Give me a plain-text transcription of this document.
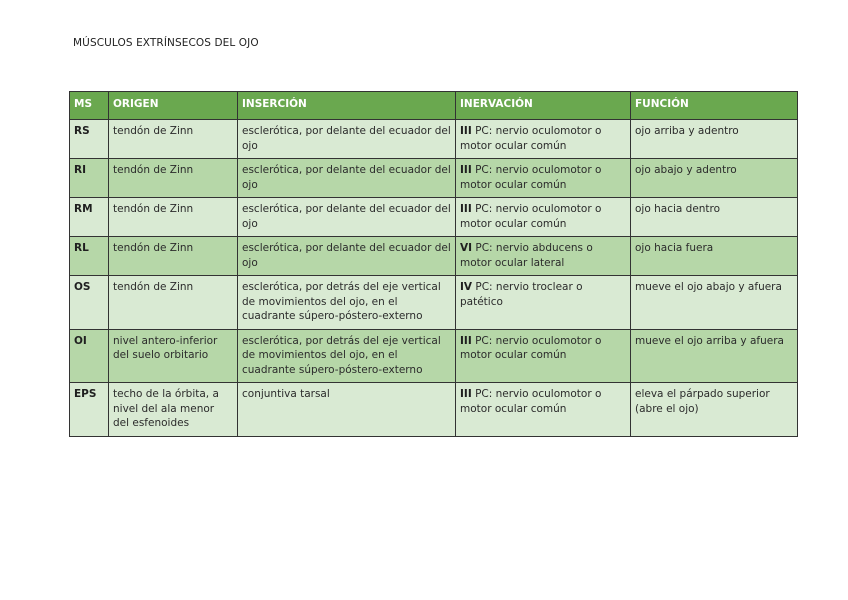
MÚSCULOS EXTRÍNSECOS DEL OJO
MS	ORIGEN	INSERCIÓN	INERVACIÓN	FUNCIÓN
RS	tendón de Zinn	esclerótica, por delante del ecuador del ojo	III PC: nervio oculomotor o motor ocular común	ojo arriba y adentro
RI	tendón de Zinn	esclerótica, por delante del ecuador del ojo	III PC: nervio oculomotor o motor ocular común	ojo abajo y adentro
RM	tendón de Zinn	esclerótica, por delante del ecuador del ojo	III PC: nervio oculomotor o motor ocular común	ojo hacia dentro
RL	tendón de Zinn	esclerótica, por delante del ecuador del ojo	VI PC: nervio abducens o motor ocular lateral	ojo hacia fuera
OS	tendón de Zinn	esclerótica, por detrás del eje vertical de movimientos del ojo, en el cuadrante súpero-póstero-externo	IV PC: nervio troclear o patético	mueve el ojo abajo y afuera
OI	nivel antero-inferior del suelo orbitario	esclerótica, por detrás del eje vertical de movimientos del ojo, en el cuadrante súpero-póstero-externo	III PC: nervio oculomotor o motor ocular común	mueve el ojo arriba y afuera
EPS	techo de la órbita, a nivel del ala menor del esfenoides	conjuntiva tarsal	III PC: nervio oculomotor o motor ocular común	eleva el párpado superior (abre el ojo)
